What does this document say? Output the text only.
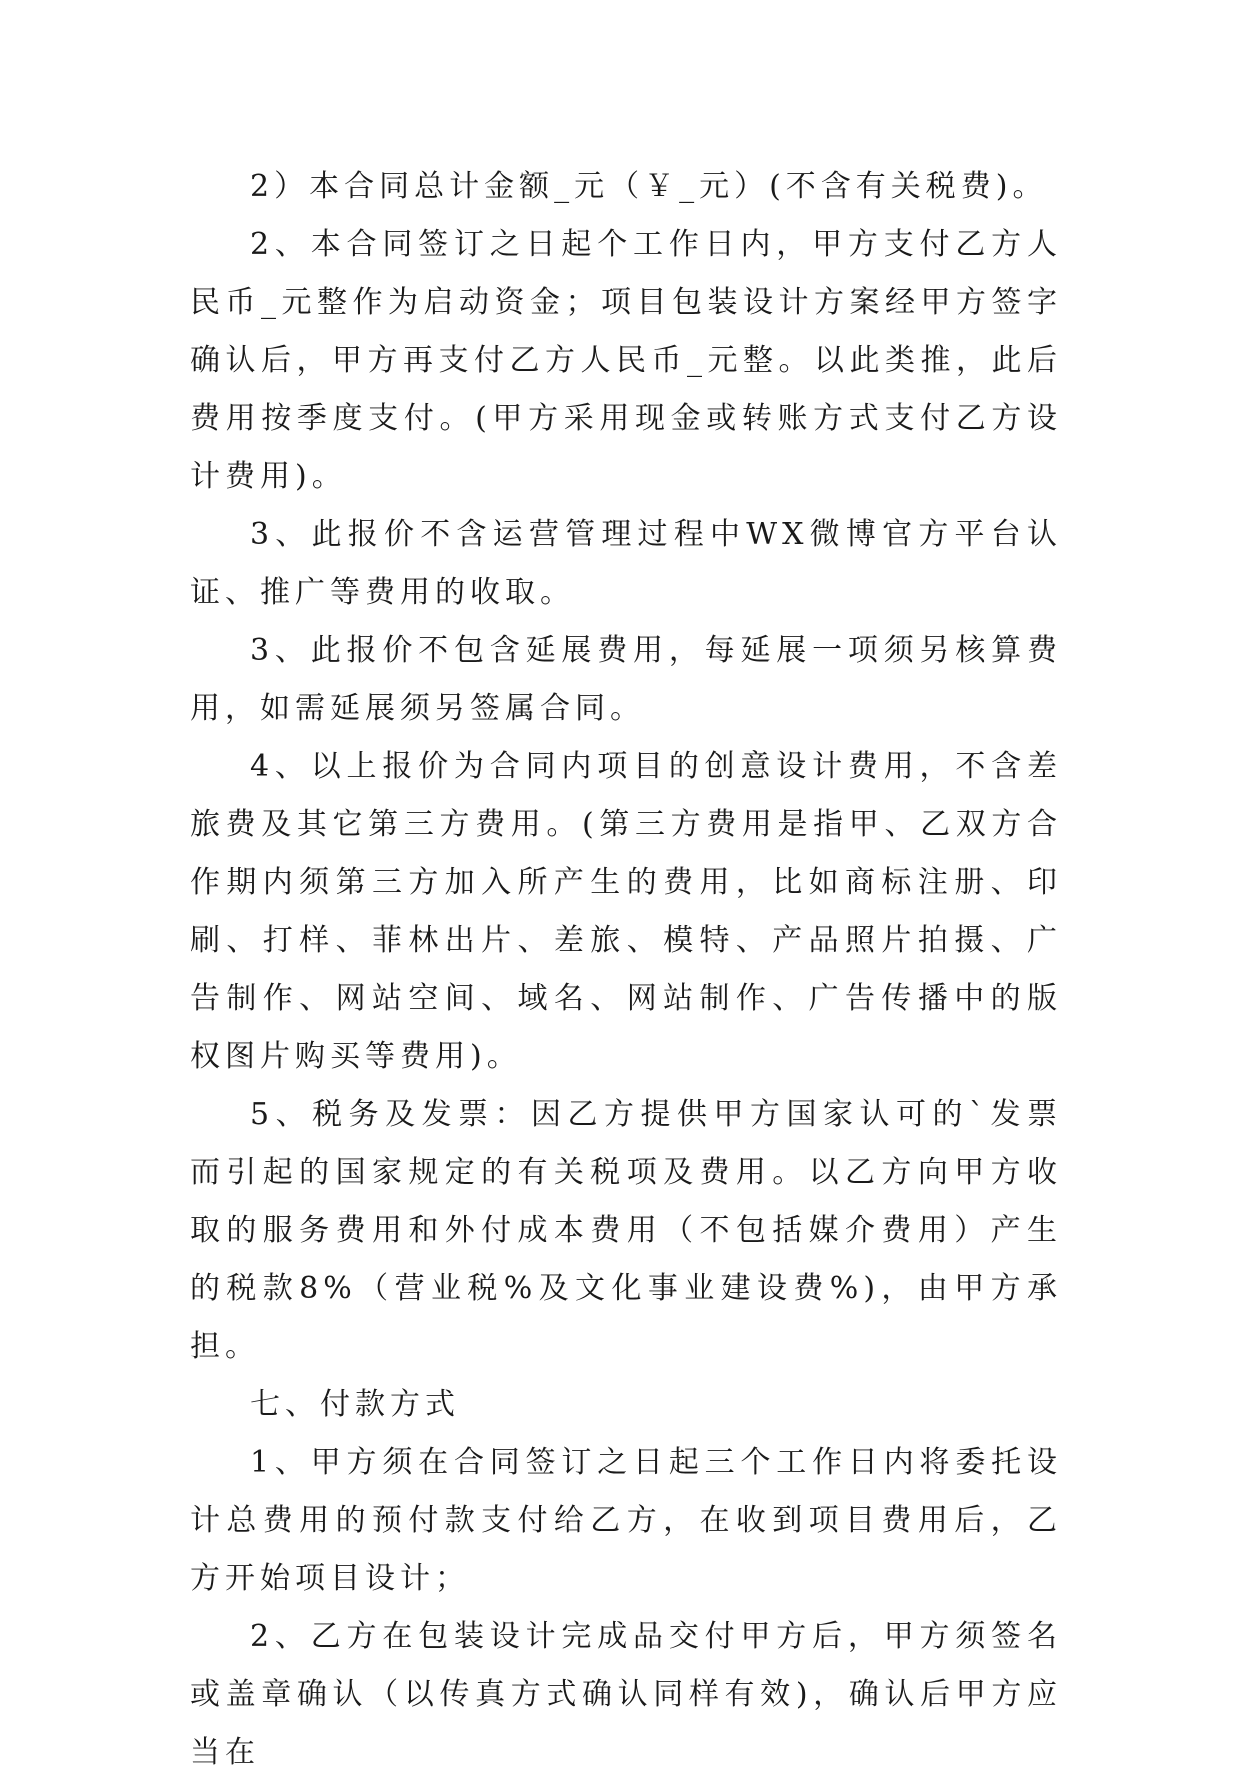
2）本合同总计金额_元（￥_元）(不含有关税费)。

2、本合同签订之日起个工作日内，甲方支付乙方人民币_元整作为启动资金；项目包装设计方案经甲方签字确认后，甲方再支付乙方人民币_元整。以此类推，此后费用按季度支付。(甲方采用现金或转账方式支付乙方设计费用)。

3、此报价不含运营管理过程中WX微博官方平台认证、推广等费用的收取。

3、此报价不包含延展费用，每延展一项须另核算费用，如需延展须另签属合同。

4、以上报价为合同内项目的创意设计费用，不含差旅费及其它第三方费用。(第三方费用是指甲、乙双方合作期内须第三方加入所产生的费用，比如商标注册、印刷、打样、菲林出片、差旅、模特、产品照片拍摄、广告制作、网站空间、域名、网站制作、广告传播中的版权图片购买等费用)。

5、税务及发票：因乙方提供甲方国家认可的`发票而引起的国家规定的有关税项及费用。以乙方向甲方收取的服务费用和外付成本费用（不包括媒介费用）产生的税款8%（营业税%及文化事业建设费%)，由甲方承担。

七、付款方式

1、甲方须在合同签订之日起三个工作日内将委托设计总费用的预付款支付给乙方，在收到项目费用后，乙方开始项目设计；

2、乙方在包装设计完成品交付甲方后，甲方须签名或盖章确认（以传真方式确认同样有效)，确认后甲方应当在
